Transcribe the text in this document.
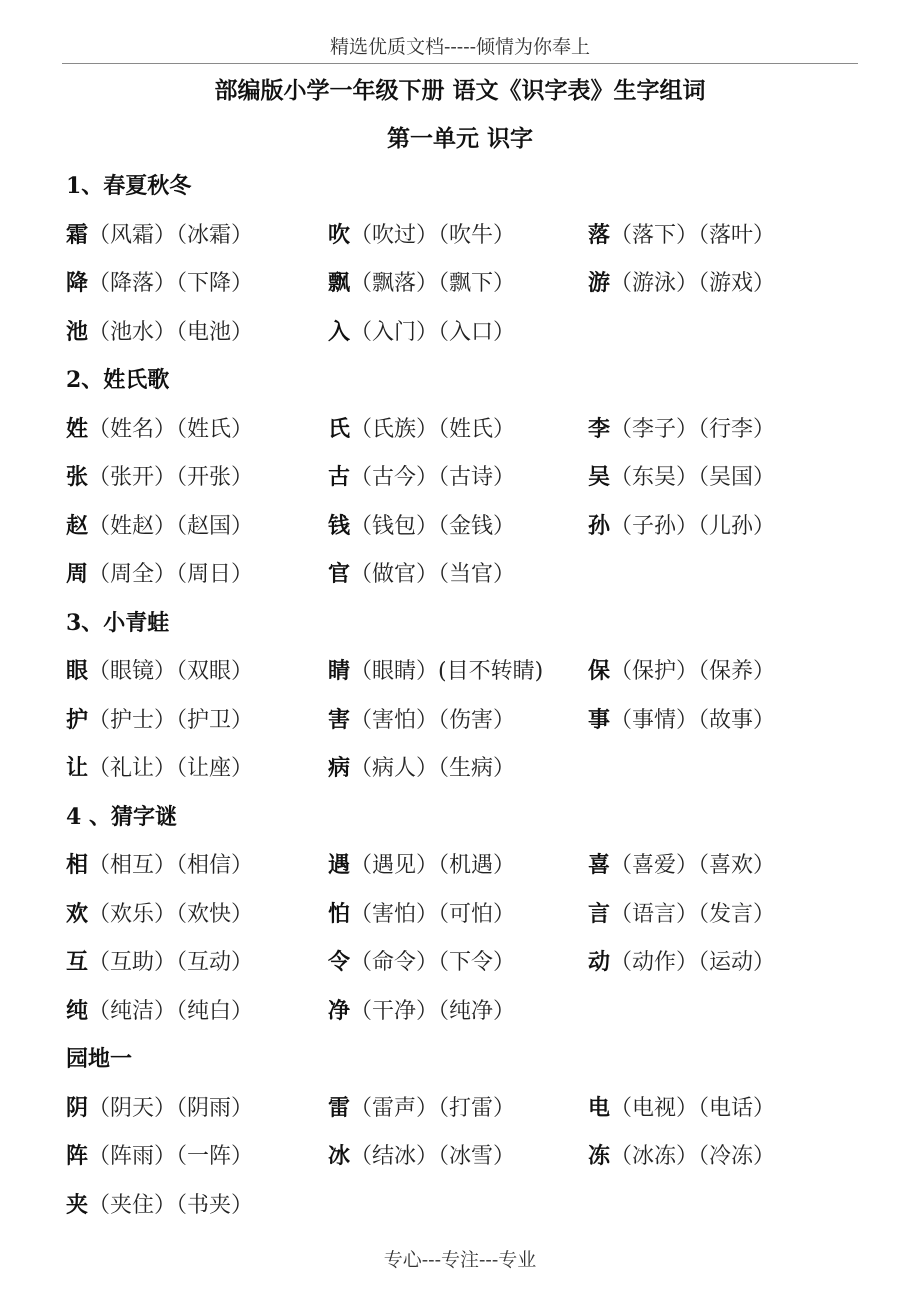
精选优质文档-----倾情为你奉上
部编版小学一年级下册 语文《识字表》生字组词
第一单元 识字
1、春夏秋冬
霜（风霜）（冰霜）	吹（吹过）（吹牛）	落（落下）（落叶）
降（降落）（下降）	飘（飘落）（飘下）	游（游泳）（游戏）
池（池水）（电池）	入（入门）（入口）
2、姓氏歌
姓（姓名）（姓氏）	氏（氏族）（姓氏）	李（李子）（行李）
张（张开）（开张）	古（古今）（古诗）	吴（东吴）（吴国）
赵（姓赵）（赵国）	钱（钱包）（金钱）	孙（子孙）（儿孙）
周（周全）（周日）	官（做官）（当官）
3、小青蛙
眼（眼镜）（双眼）	睛（眼睛）(目不转睛) 保（保护）（保养）
护（护士）（护卫）	害（害怕）（伤害）	事（事情）（故事）
让（礼让）（让座）	病（病人）（生病）
4 、猜字谜
相（相互）（相信）	遇（遇见）（机遇）	喜（喜爱）（喜欢）
欢（欢乐）（欢快）	怕（害怕）（可怕）	言（语言）（发言）
互（互助）（互动）	令（命令）（下令）	动（动作）（运动）
纯（纯洁）（纯白）	净（干净）（纯净）
园地一
阴（阴天）（阴雨）	雷（雷声）（打雷）	电（电视）（电话）
阵（阵雨）（一阵）	冰（结冰）（冰雪）	冻（冰冻）（冷冻）
夹（夹住）（书夹）
专心---专注---专业
